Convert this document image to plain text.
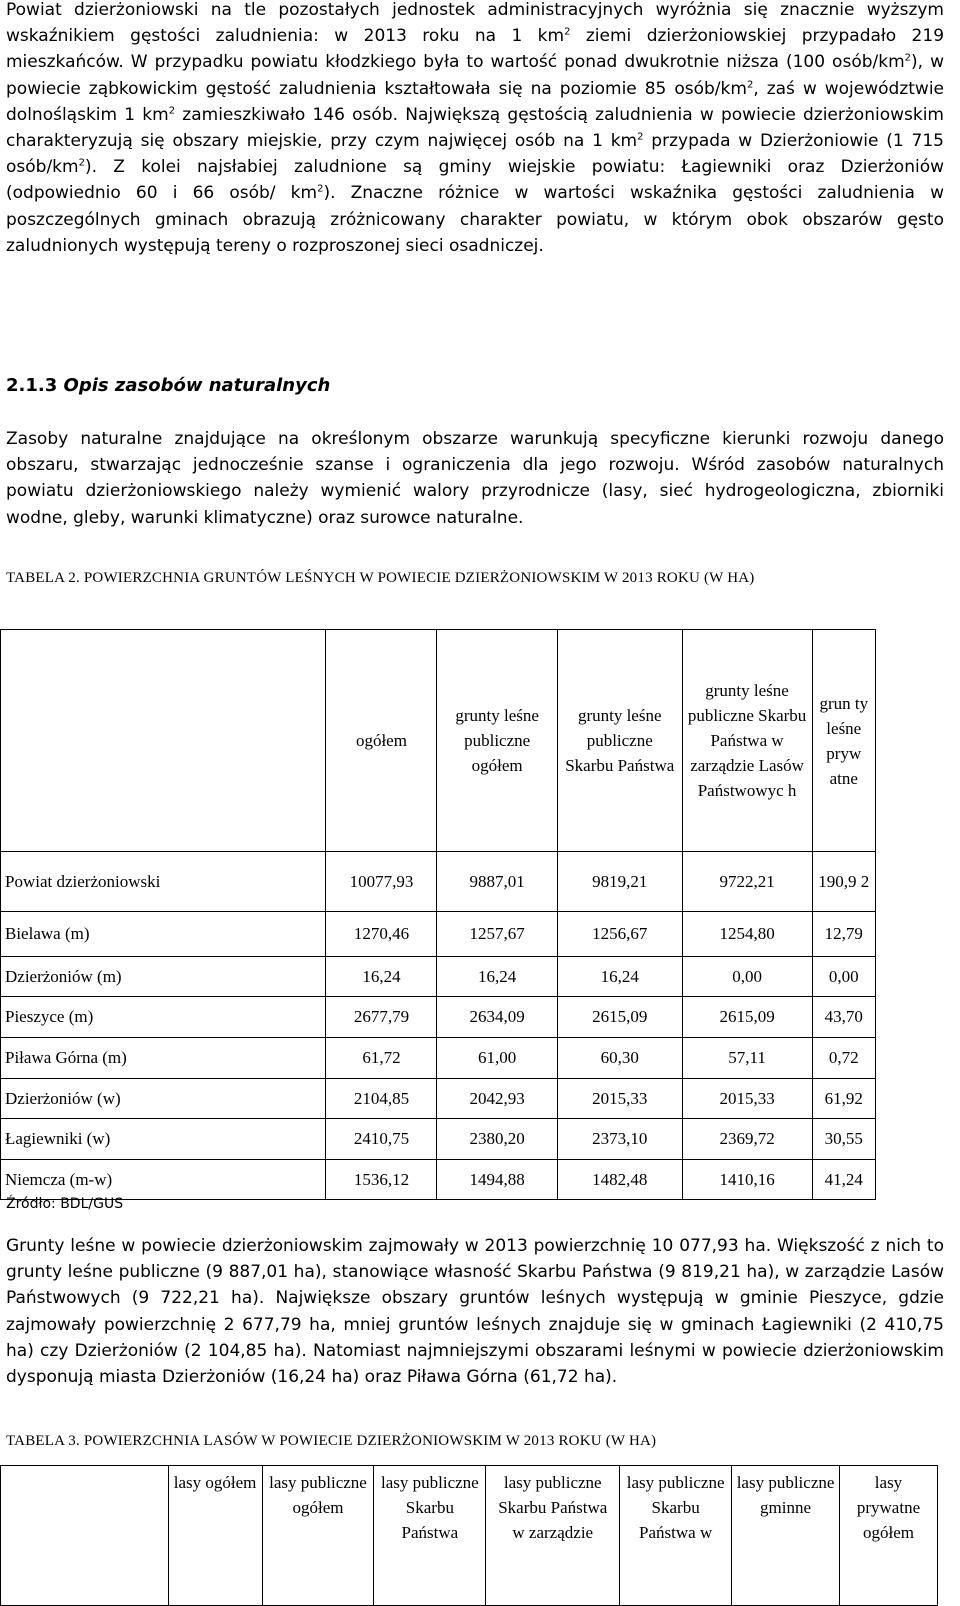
Powiat dzierżoniowski na tle pozostałych jednostek administracyjnych wyróżnia się znacznie wyższym wskaźnikiem gęstości zaludnienia: w 2013 roku na 1 $km^2$ ziemi dzierżoniowskiej przypadało 219 mieszkańców. W przypadku powiatu kłodzkiego była to wartość ponad dwukrotnie niższa (100 osób/$km^2$), w powiecie ząbkowickim gęstość zaludnienia kształtowała się na poziomie 85 osób/$km^2$, zaś w województwie dolnośląskim 1 $km^2$ zamieszkiwało 146 osób. Największą gęstością zaludnienia w powiecie dzierżoniowskim charakteryzują się obszary miejskie, przy czym najwięcej osób na 1 $km^2$ przypada w Dzierżoniowie (1 715 osób/$km^2$). Z kolei najsłabiej zaludnione są gminy wiejskie powiatu: Łagiewniki oraz Dzierżoniów (odpowiednio 60 i 66 osób/ $km^2$). Znaczne różnice w wartości wskaźnika gęstości zaludnienia w poszczególnych gminach obrazują zróżnicowany charakter powiatu, w którym obok obszarów gęsto zaludnionych występują tereny o rozproszonej sieci osadniczej.

2.1.3 Opis zasobów naturalnych

Zasoby naturalne znajdujące na określonym obszarze warunkują specyficzne kierunki rozwoju danego obszaru, stwarzając jednocześnie szanse i ograniczenia dla jego rozwoju. Wśród zasobów naturalnych powiatu dzierżoniowskiego należy wymienić walory przyrodnicze (lasy, sieć hydrogeologiczna, zbiorniki wodne, gleby, warunki klimatyczne) oraz surowce naturalne.

TABELA 2. POWIERZCHNIA GRUNTÓW LEŚNYCH W POWIECIE DZIERŻONIOWSKIM W 2013 ROKU (W HA)
	ogółem	grunty leśne publiczne ogółem	grunty leśne publiczne Skarbu Państwa	grunty leśne publiczne Skarbu Państwa w zarządzie Lasów Państwowyc h	grun ty leśne pryw atne
Powiat dzierżoniowski	10077,93	9887,01	9819,21	9722,21	190,9 2
Bielawa (m)	1270,46	1257,67	1256,67	1254,80	12,79
Dzierżoniów (m)	16,24	16,24	16,24	0,00	0,00
Pieszyce (m)	2677,79	2634,09	2615,09	2615,09	43,70
Piława Górna (m)	61,72	61,00	60,30	57,11	0,72
Dzierżoniów (w)	2104,85	2042,93	2015,33	2015,33	61,92
Łagiewniki (w)	2410,75	2380,20	2373,10	2369,72	30,55
Niemcza (m-w)	1536,12	1494,88	1482,48	1410,16	41,24
Źródło: BDL/GUS

Grunty leśne w powiecie dzierżoniowskim zajmowały w 2013 powierzchnię 10 077,93 ha. Większość z nich to grunty leśne publiczne (9 887,01 ha), stanowiące własność Skarbu Państwa (9 819,21 ha), w zarządzie Lasów Państwowych (9 722,21 ha). Największe obszary gruntów leśnych występują w gminie Pieszyce, gdzie zajmowały powierzchnię 2 677,79 ha, mniej gruntów leśnych znajduje się w gminach Łagiewniki (2 410,75 ha) czy Dzierżoniów (2 104,85 ha). Natomiast najmniejszymi obszarami leśnymi w powiecie dzierżoniowskim dysponują miasta Dzierżoniów (16,24 ha) oraz Piława Górna (61,72 ha).

TABELA 3. POWIERZCHNIA LASÓW W POWIECIE DZIERŻONIOWSKIM W 2013 ROKU (W HA)
	lasy ogółem	lasy publiczne ogółem	lasy publiczne Skarbu Państwa	lasy publiczne Skarbu Państwa w zarządzie	lasy publiczne Skarbu Państwa w	lasy publiczne gminne	lasy prywatne ogółem
